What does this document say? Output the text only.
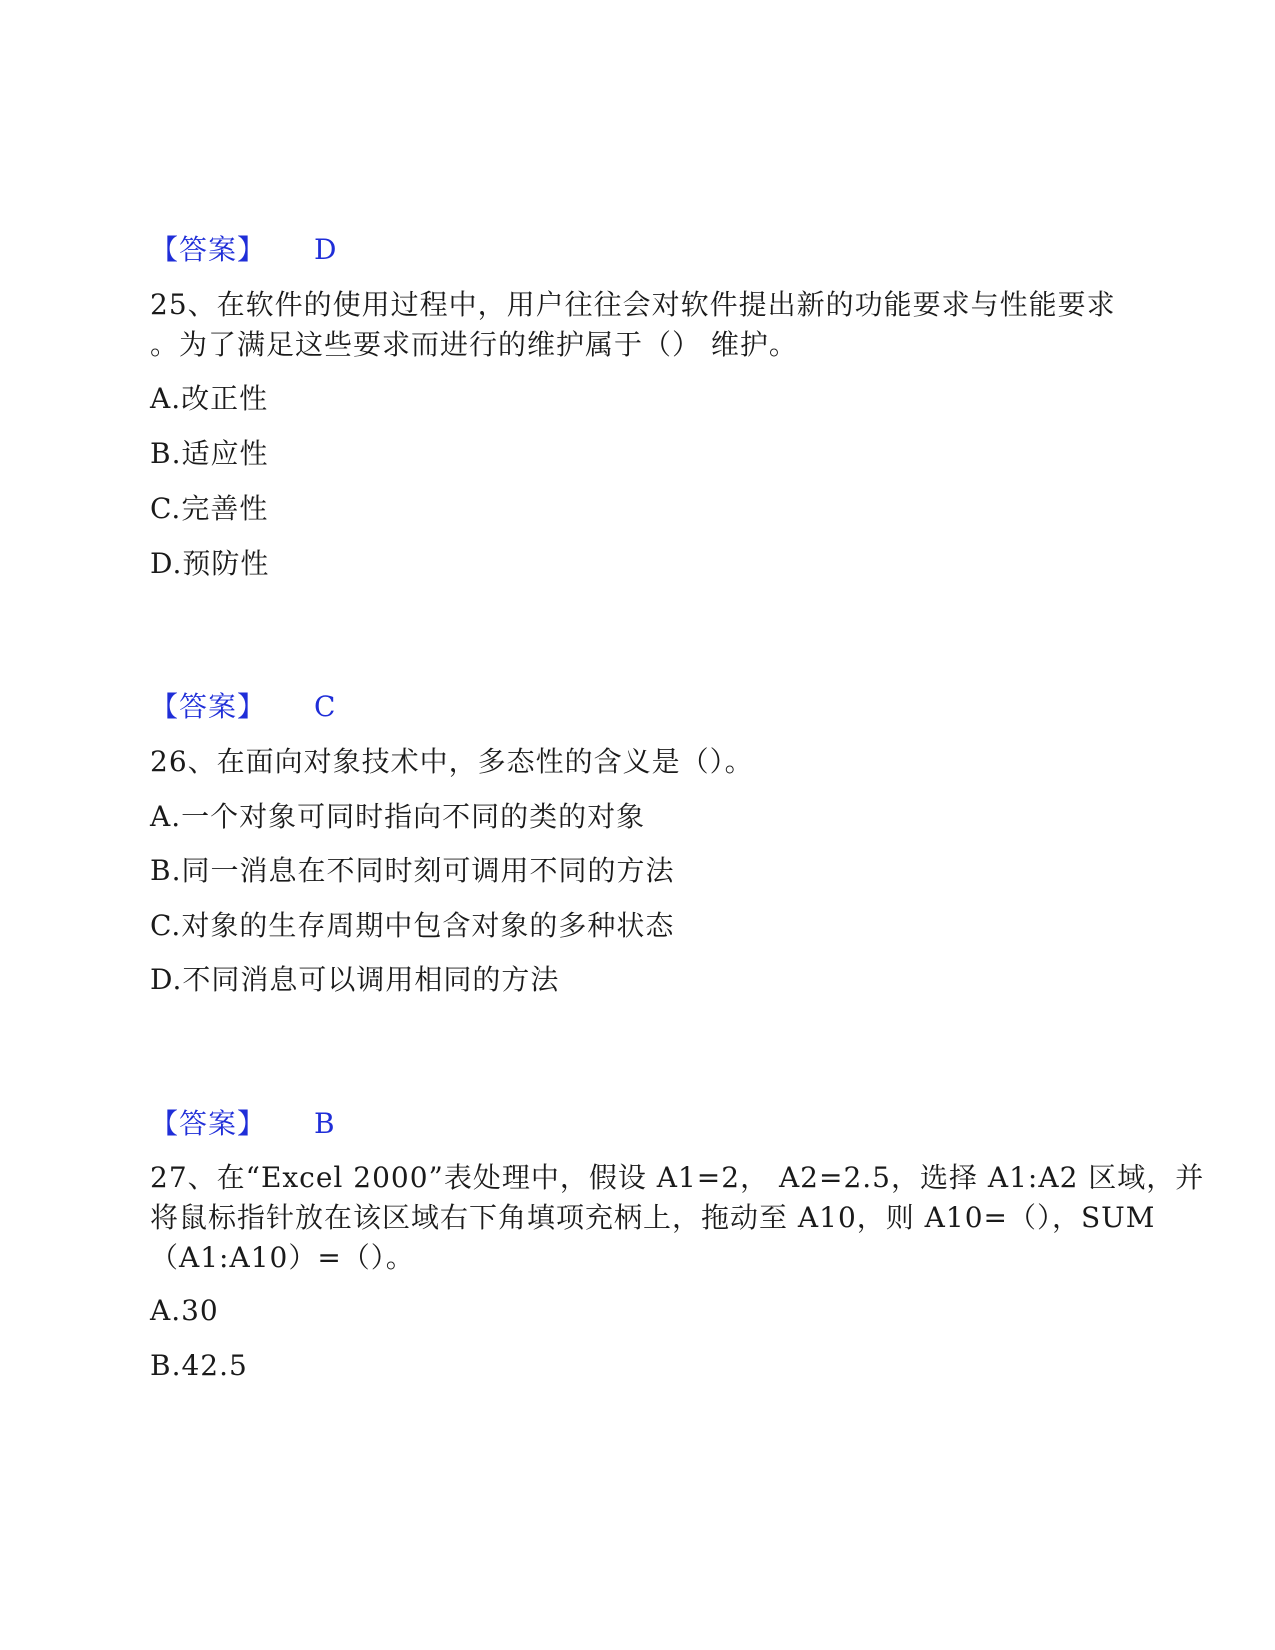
【答案】 D
25、在软件的使用过程中，用户往往会对软件提出新的功能要求与性能要求
。为了满足这些要求而进行的维护属于（） 维护。
A.改正性
B.适应性
C.完善性
D.预防性
【答案】 C
26、在面向对象技术中，多态性的含义是（）。
A.一个对象可同时指向不同的类的对象
B.同一消息在不同时刻可调用不同的方法
C.对象的生存周期中包含对象的多种状态
D.不同消息可以调用相同的方法
【答案】 B
27、在“Excel 2000”表处理中，假设 A1=2， A2=2.5，选择 A1:A2 区域，并
将鼠标指针放在该区域右下角填项充柄上，拖动至 A10，则 A10=（），SUM
（A1:A10）=（）。
A.30
B.42.5
